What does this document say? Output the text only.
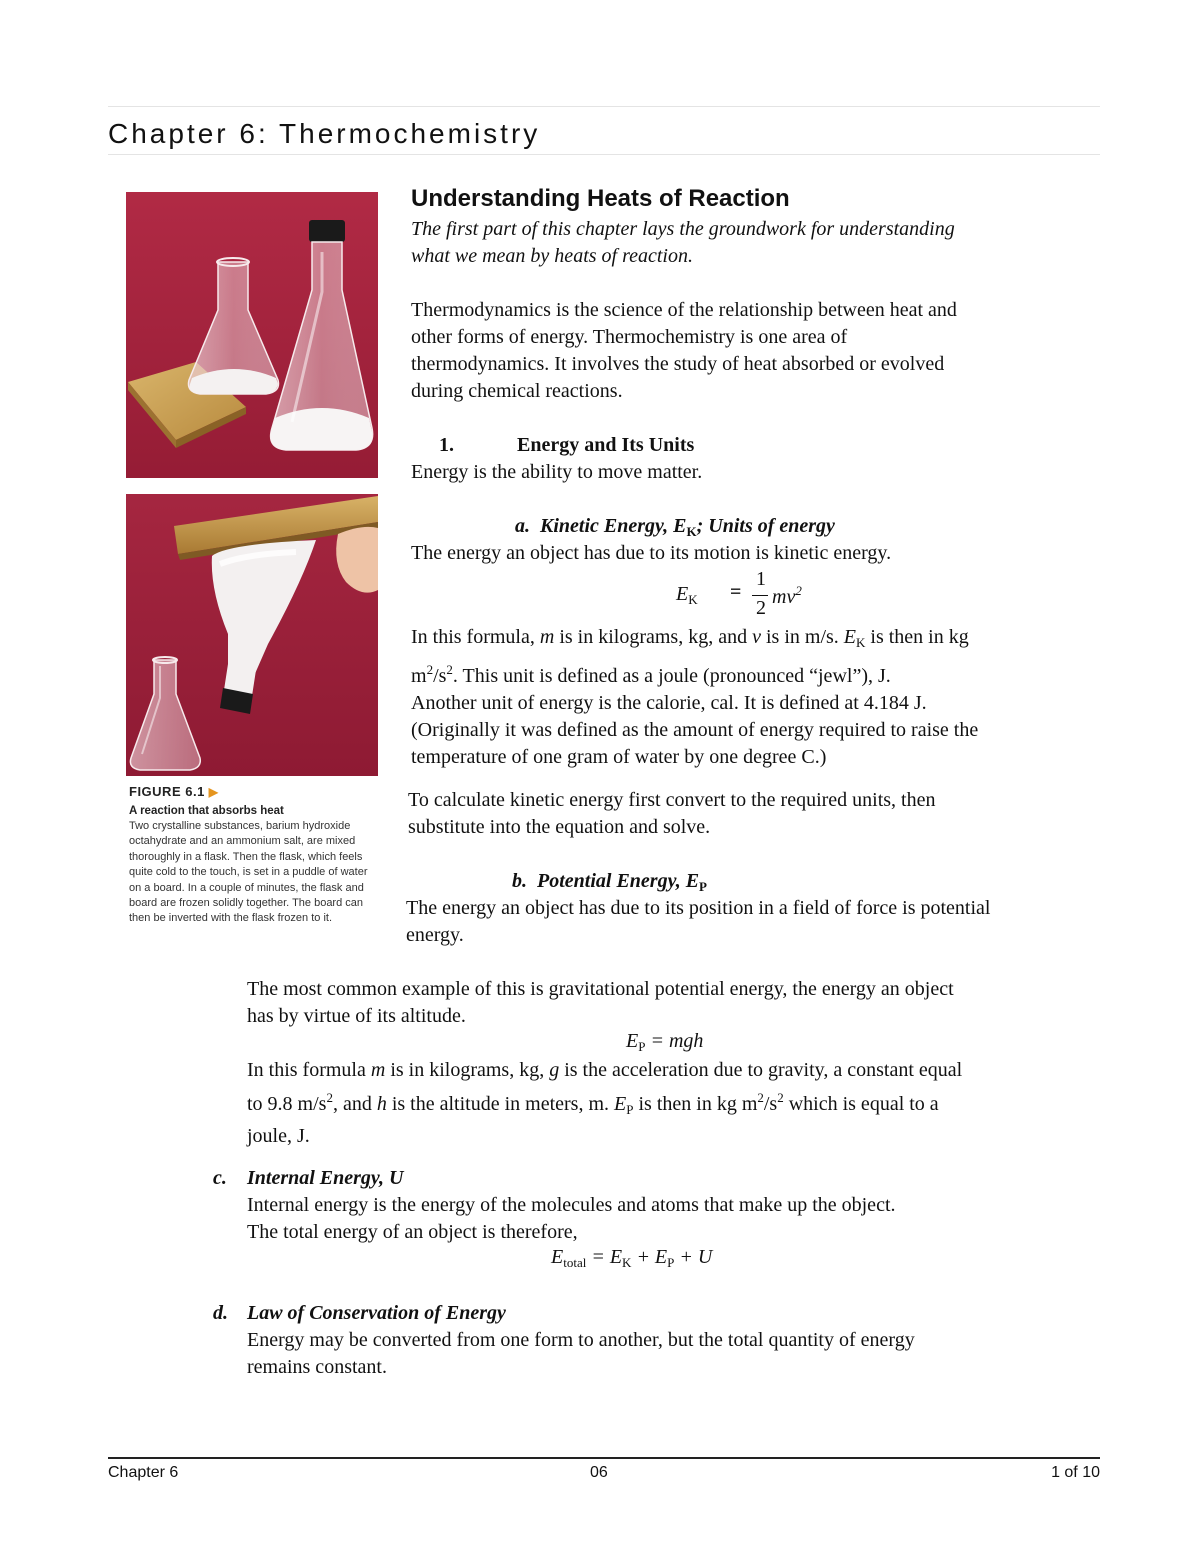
Chapter 6: Thermochemistry
FIGURE 6.1 ▶
A reaction that absorbs heat
Two crystalline substances, barium hydroxide octahydrate and an ammonium salt, are mixed thoroughly in a flask. Then the flask, which feels quite cold to the touch, is set in a puddle of water on a board. In a couple of minutes, the flask and board are frozen solidly together. The board can then be inverted with the flask frozen to it.
Understanding Heats of Reaction
The first part of this chapter lays the groundwork for understanding
what we mean by heats of reaction.
Thermodynamics is the science of the relationship between heat and
other forms of energy. Thermochemistry is one area of
thermodynamics. It involves the study of heat absorbed or evolved
during chemical reactions.
1.	Energy and Its Units
Energy is the ability to move matter.
a. Kinetic Energy, $E_K$; Units of energy
The energy an object has due to its motion is kinetic energy.
$E_K$ =
1
2 $mv^2$
In this formula, m is in kilograms, kg, and v is in m/s. $E_K$ is then in kg
$m^2/s^2$. This unit is defined as a joule (pronounced “jewl”), J.
Another unit of energy is the calorie, cal. It is defined at 4.184 J.
(Originally it was defined as the amount of energy required to raise the
temperature of one gram of water by one degree C.)
To calculate kinetic energy first convert to the required units, then
substitute into the equation and solve.
b. Potential Energy, $E_P$
The energy an object has due to its position in a field of force is potential
energy.
The most common example of this is gravitational potential energy, the energy an object
has by virtue of its altitude.
$E_P$ = mgh
In this formula m is in kilograms, kg, g is the acceleration due to gravity, a constant equal
to 9.8 $m/s^2$, and h is the altitude in meters, m. $E_P$ is then in kg $m^2/s^2$ which is equal to a
joule, J.
c. Internal Energy, U
Internal energy is the energy of the molecules and atoms that make up the object.
The total energy of an object is therefore,
$E_{total} = E_K + E_P + U$
d. Law of Conservation of Energy
Energy may be converted from one form to another, but the total quantity of energy
remains constant.
Chapter 6	06	1 of 10
